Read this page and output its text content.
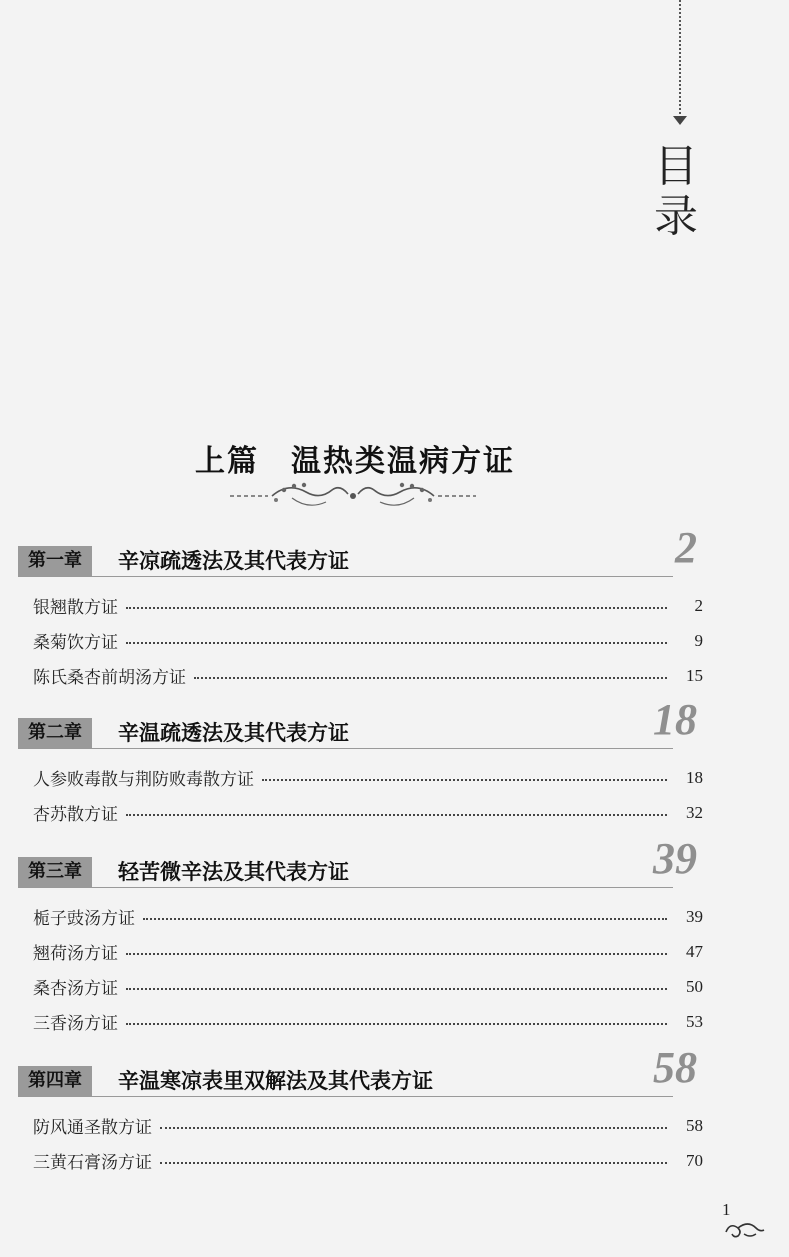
目
录
上篇　温热类温病方证
第一章	辛凉疏透法及其代表方证	2
银翘散方证	2
桑菊饮方证	9
陈氏桑杏前胡汤方证	15
第二章	辛温疏透法及其代表方证	18
人参败毒散与荆防败毒散方证	18
杏苏散方证	32
第三章	轻苦微辛法及其代表方证	39
栀子豉汤方证	39
翘荷汤方证	47
桑杏汤方证	50
三香汤方证	53
第四章	辛温寒凉表里双解法及其代表方证	58
防风通圣散方证	58
三黄石膏汤方证	70
1
